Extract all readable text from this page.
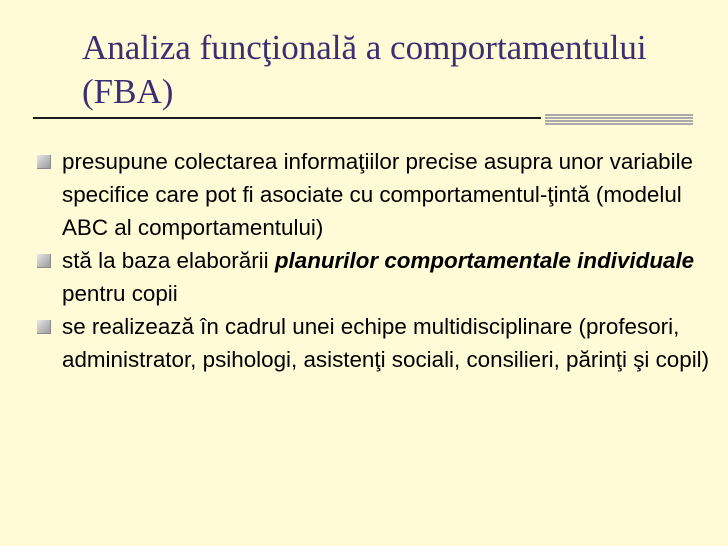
Analiza funcţională a comportamentului (FBA)
presupune colectarea informaţiilor precise asupra unor variabile specifice care pot fi asociate cu comportamentul-ţintă (modelul ABC al comportamentului)
stă la baza elaborării planurilor comportamentale individuale pentru copii
se realizează în cadrul unei echipe multidisciplinare (profesori, administrator, psihologi, asistenţi sociali, consilieri, părinţi şi copil)
